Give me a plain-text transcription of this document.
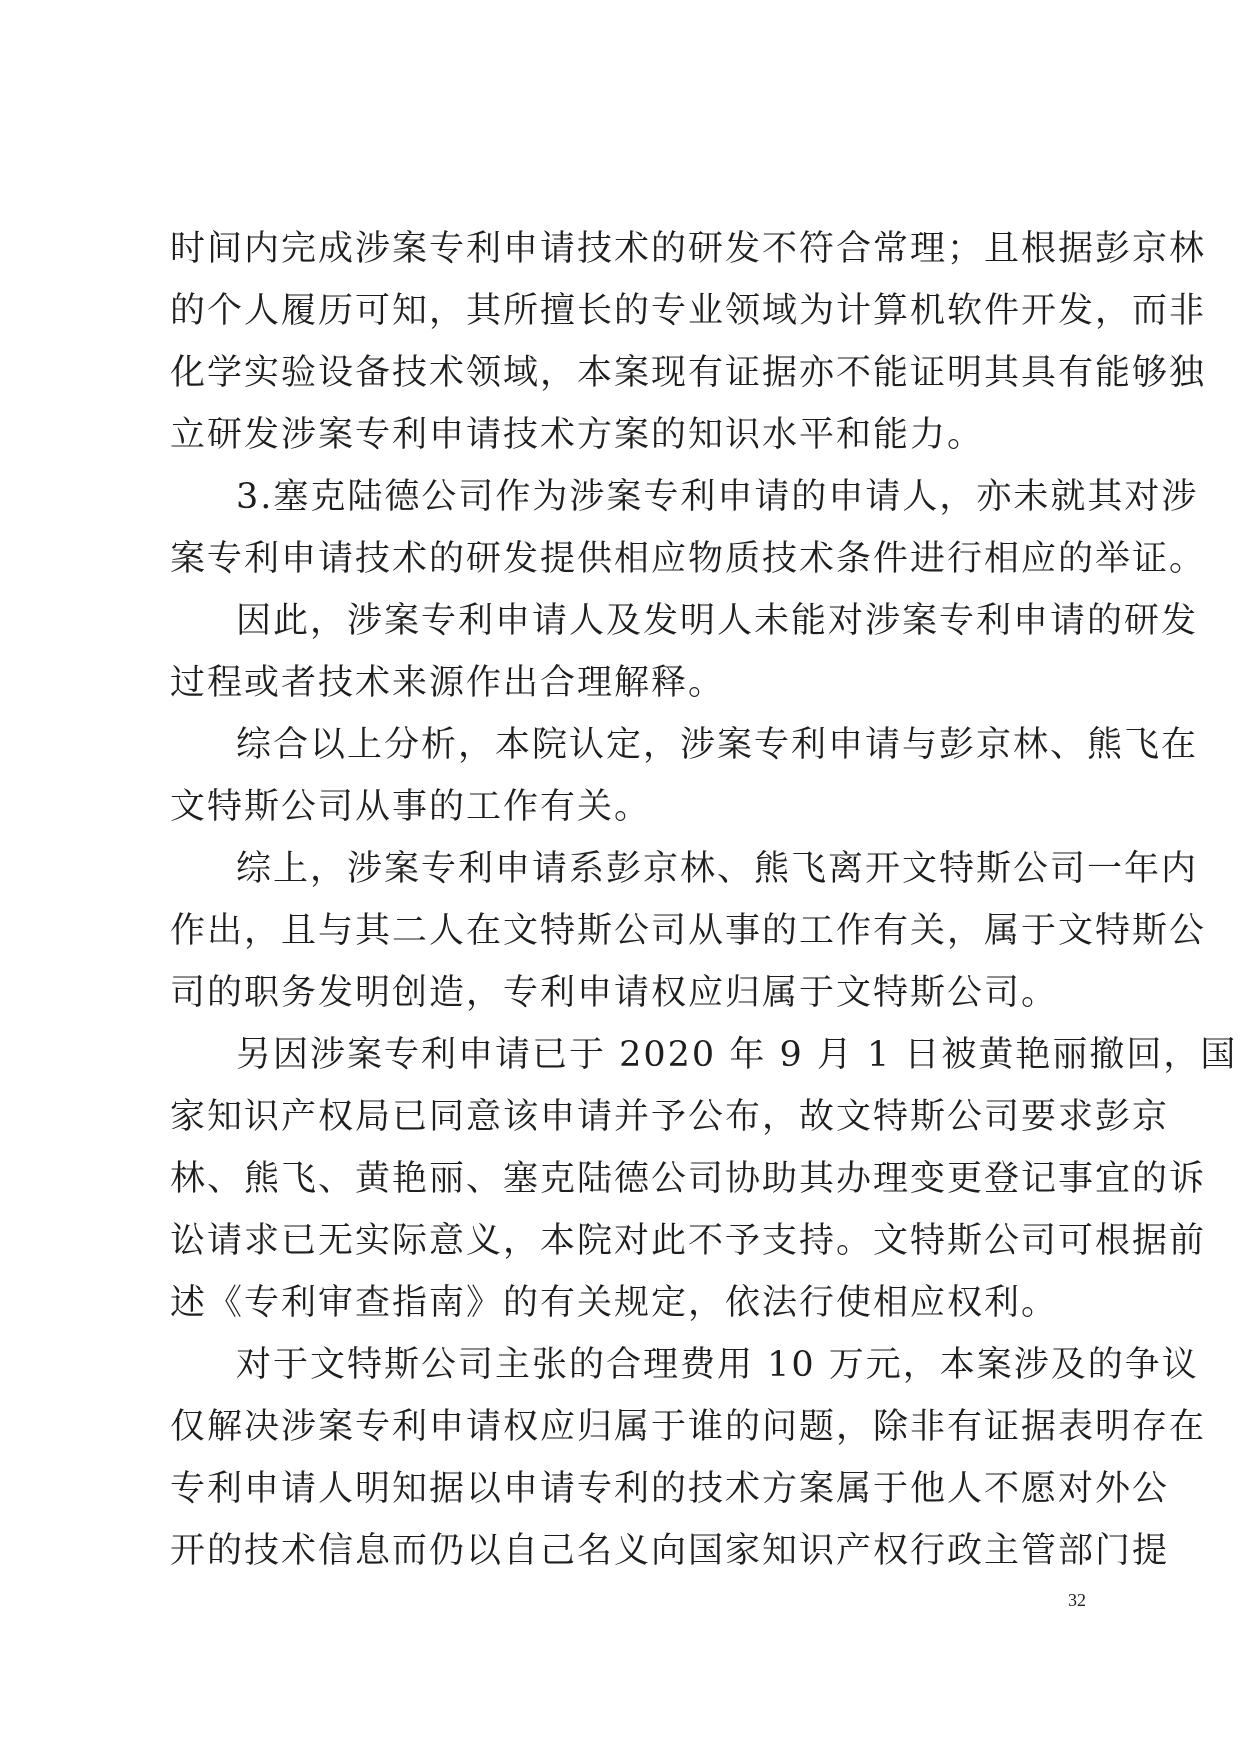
时间内完成涉案专利申请技术的研发不符合常理；且根据彭京林
的个人履历可知，其所擅长的专业领域为计算机软件开发，而非
化学实验设备技术领域，本案现有证据亦不能证明其具有能够独
立研发涉案专利申请技术方案的知识水平和能力。
3.塞克陆德公司作为涉案专利申请的申请人，亦未就其对涉
案专利申请技术的研发提供相应物质技术条件进行相应的举证。
因此，涉案专利申请人及发明人未能对涉案专利申请的研发
过程或者技术来源作出合理解释。
综合以上分析，本院认定，涉案专利申请与彭京林、熊飞在
文特斯公司从事的工作有关。
综上，涉案专利申请系彭京林、熊飞离开文特斯公司一年内
作出，且与其二人在文特斯公司从事的工作有关，属于文特斯公
司的职务发明创造，专利申请权应归属于文特斯公司。
另因涉案专利申请已于 2020 年 9 月 1 日被黄艳丽撤回，国
家知识产权局已同意该申请并予公布，故文特斯公司要求彭京
林、熊飞、黄艳丽、塞克陆德公司协助其办理变更登记事宜的诉
讼请求已无实际意义，本院对此不予支持。文特斯公司可根据前
述《专利审查指南》的有关规定，依法行使相应权利。
对于文特斯公司主张的合理费用 10 万元，本案涉及的争议
仅解决涉案专利申请权应归属于谁的问题，除非有证据表明存在
专利申请人明知据以申请专利的技术方案属于他人不愿对外公
开的技术信息而仍以自己名义向国家知识产权行政主管部门提
32
